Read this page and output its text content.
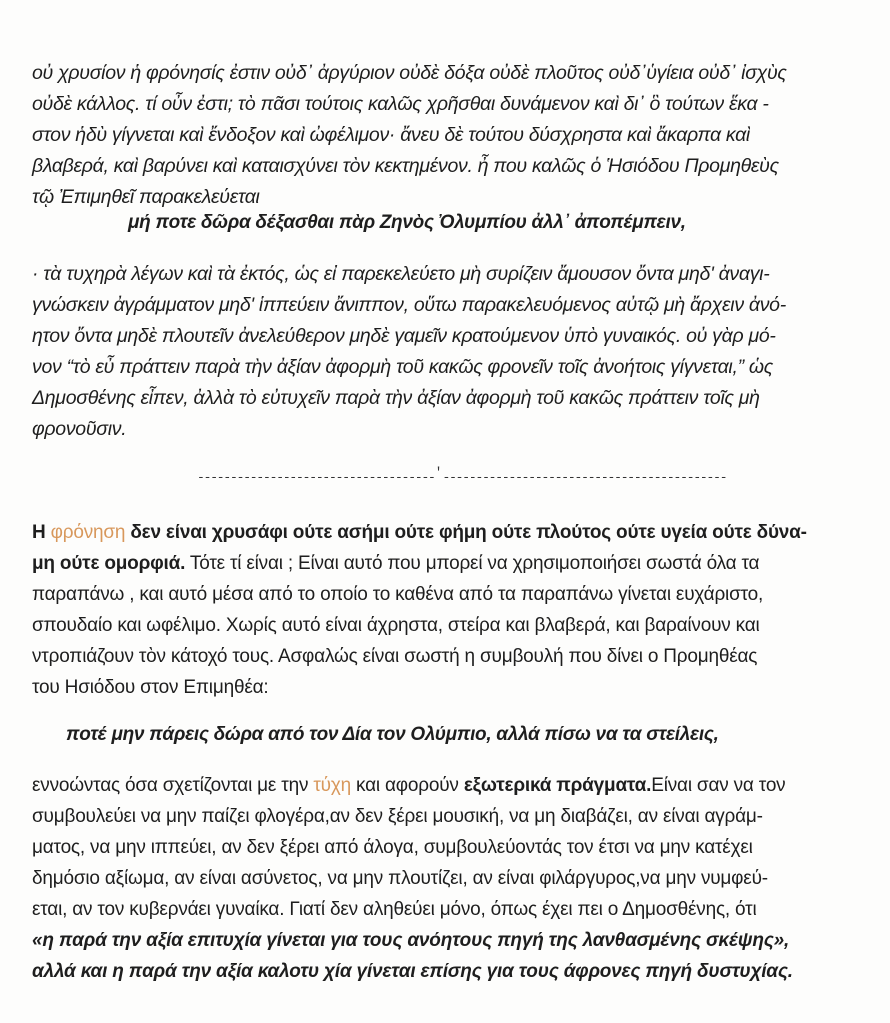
οὐ χρυσίον ἡ φρόνησίς ἐστιν οὐδ᾽ ἀργύριον οὐδὲ δόξα οὐδὲ πλοῦτος οὐδ᾽ὑγίεια οὐδ᾽ ἰσχὺς
οὐδὲ κάλλος. τί οὖν ἐστι; τὸ πᾶσι τούτοις καλῶς χρῆσθαι δυνάμενον καὶ δι᾽ ὃ τούτων ἕκα -
στον ἡδὺ γίγνεται καὶ ἔνδοξον καὶ ὠφέλιμον· ἄνευ δὲ τούτου δύσχρηστα καὶ ἄκαρπα καὶ
βλαβερά, καὶ βαρύνει καὶ καταισχύνει τὸν κεκτημένον. ἦ που καλῶς ὁ Ἡσιόδου Προμηθεὺς
τῷ Ἐπιμηθεῖ παρακελεύεται
μή ποτε δῶρα δέξασθαι πὰρ Ζηνὸς Ὀλυμπίου ἀλλ᾽ ἀποπέμπειν,
· τὰ τυχηρὰ λέγων καὶ τὰ ἐκτός, ὡς εἰ παρεκελεύετο μὴ συρίζειν ἄμουσον ὄντα μηδ' ἀναγι-
γνώσκειν ἀγράμματον μηδ' ἱππεύειν ἄνιππον, οὕτω παρακελευόμενος αὐτῷ μὴ ἄρχειν ἀνό-
ητον ὄντα μηδὲ πλουτεῖν ἀνελεύθερον μηδὲ γαμεῖν κρατούμενον ὑπὸ γυναικός. οὐ γὰρ μό-
νον “τὸ εὖ πράττειν παρὰ τὴν ἀξίαν ἀφορμὴ τοῦ κακῶς φρονεῖν τοῖς ἀνοήτοις γίγνεται,” ὡς
Δημοσθένης εἶπεν, ἀλλὰ τὸ εὐτυχεῖν παρὰ τὴν ἀξίαν ἀφορμὴ τοῦ κακῶς πράττειν τοῖς μὴ
φρονοῦσιν.
------------------------------------'-------------------------------------------
Η φρόνηση δεν είναι χρυσάφι ούτε ασήμι ούτε φήμη ούτε πλούτος ούτε υγεία ούτε δύνα-
μη ούτε ομορφιά. Τότε τί είναι ; Είναι αυτό που μπορεί να χρησιμοποιήσει σωστά όλα τα
παραπάνω , και αυτό μέσα από το οποίο το καθένα από τα παραπάνω γίνεται ευχάριστο,
σπουδαίο και ωφέλιμο. Χωρίς αυτό είναι άχρηστα, στείρα και βλαβερά, και βαραίνουν και
ντροπιάζουν τὸν κάτοχό τους. Ασφαλώς είναι σωστή η συμβουλή που δίνει ο Προμηθέας
του Ησιόδου στον Επιμηθέα:
ποτέ μην πάρεις δώρα από τον Δία τον Ολύμπιο, αλλά πίσω να τα στείλεις,
εννοώντας όσα σχετίζονται με την τύχη και αφορούν εξωτερικά πράγματα.Είναι σαν να τον
συμβουλεύει να μην παίζει φλογέρα,αν δεν ξέρει μουσική, να μη διαβάζει, αν είναι αγράμ-
ματος, να μην ιππεύει, αν δεν ξέρει από άλογα, συμβουλεύοντάς τον έτσι να μην κατέχει
δημόσιο αξίωμα, αν είναι ασύνετος, να μην πλουτίζει, αν είναι φιλάργυρος,να μην νυμφεύ-
εται, αν τον κυβερνάει γυναίκα. Γιατί δεν αληθεύει μόνο, όπως έχει πει ο Δημοσθένης, ότι
«η παρά την αξία επιτυχία γίνεται για τους ανόητους πηγή της λανθασμένης σκέψης»,
αλλά και η παρά την αξία καλοτυ χία γίνεται επίσης για τους άφρονες πηγή δυστυχίας.
